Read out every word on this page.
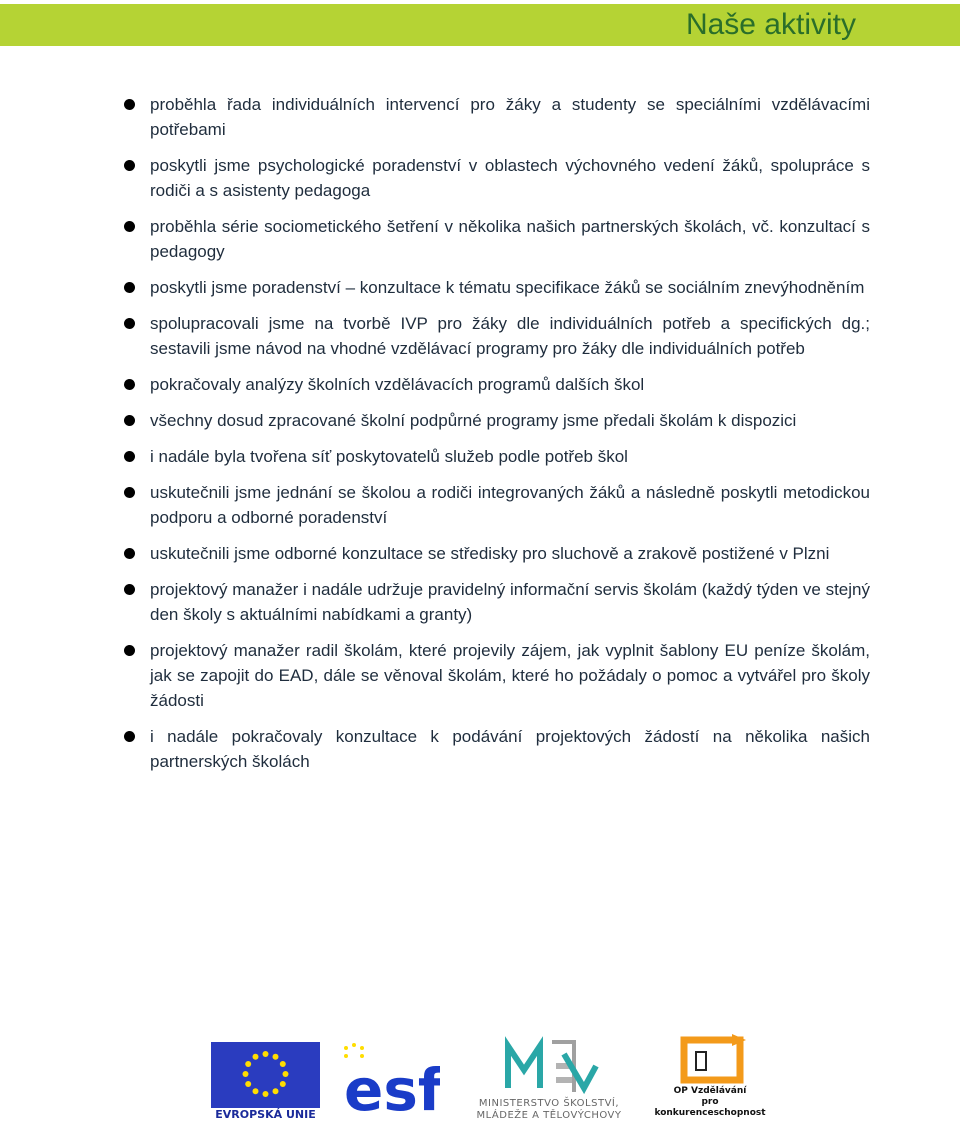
Naše aktivity
proběhla řada individuálních intervencí pro žáky a studenty se speciálními vzdělávacími potřebami
poskytli jsme psychologické poradenství v oblastech výchovného vedení žáků, spolupráce s rodiči a s asistenty pedagoga
proběhla série sociometického šetření v několika našich partnerských školách, vč. konzultací s pedagogy
poskytli jsme poradenství – konzultace k tématu specifikace žáků se sociálním znevýhodněním
spolupracovali jsme na tvorbě IVP pro žáky dle individuálních potřeb a specifických dg.; sestavili jsme návod na vhodné vzdělávací programy pro žáky dle individuálních potřeb
pokračovaly analýzy školních vzdělávacích programů dalších škol
všechny dosud zpracované školní podpůrné programy jsme předali školám k dispozici
i nadále byla tvořena síť poskytovatelů služeb podle potřeb škol
uskutečnili jsme jednání se školou a rodiči integrovaných žáků a následně poskytli metodickou podporu a odborné poradenství
uskutečnili jsme odborné konzultace se středisky pro sluchově a zrakově postižené v Plzni
projektový manažer i nadále udržuje pravidelný informační servis školám (každý týden ve stejný den školy s aktuálními nabídkami a granty)
projektový manažer radil školám, které projevily zájem, jak vyplnit šablony EU peníze školám, jak se zapojit do EAD, dále se věnoval školám, které ho požádaly o pomoc a vytvářel pro školy žádosti
i nadále pokračovaly konzultace k podávání projektových žádostí na několika našich partnerských školách
EVROPSKÁ UNIE esf	MINISTERSTVO ŠKOLSTVÍ, MLÁDEŽE A TĚLOVÝCHOVY
OP Vzdělávání
pro konkurenceschopnost
